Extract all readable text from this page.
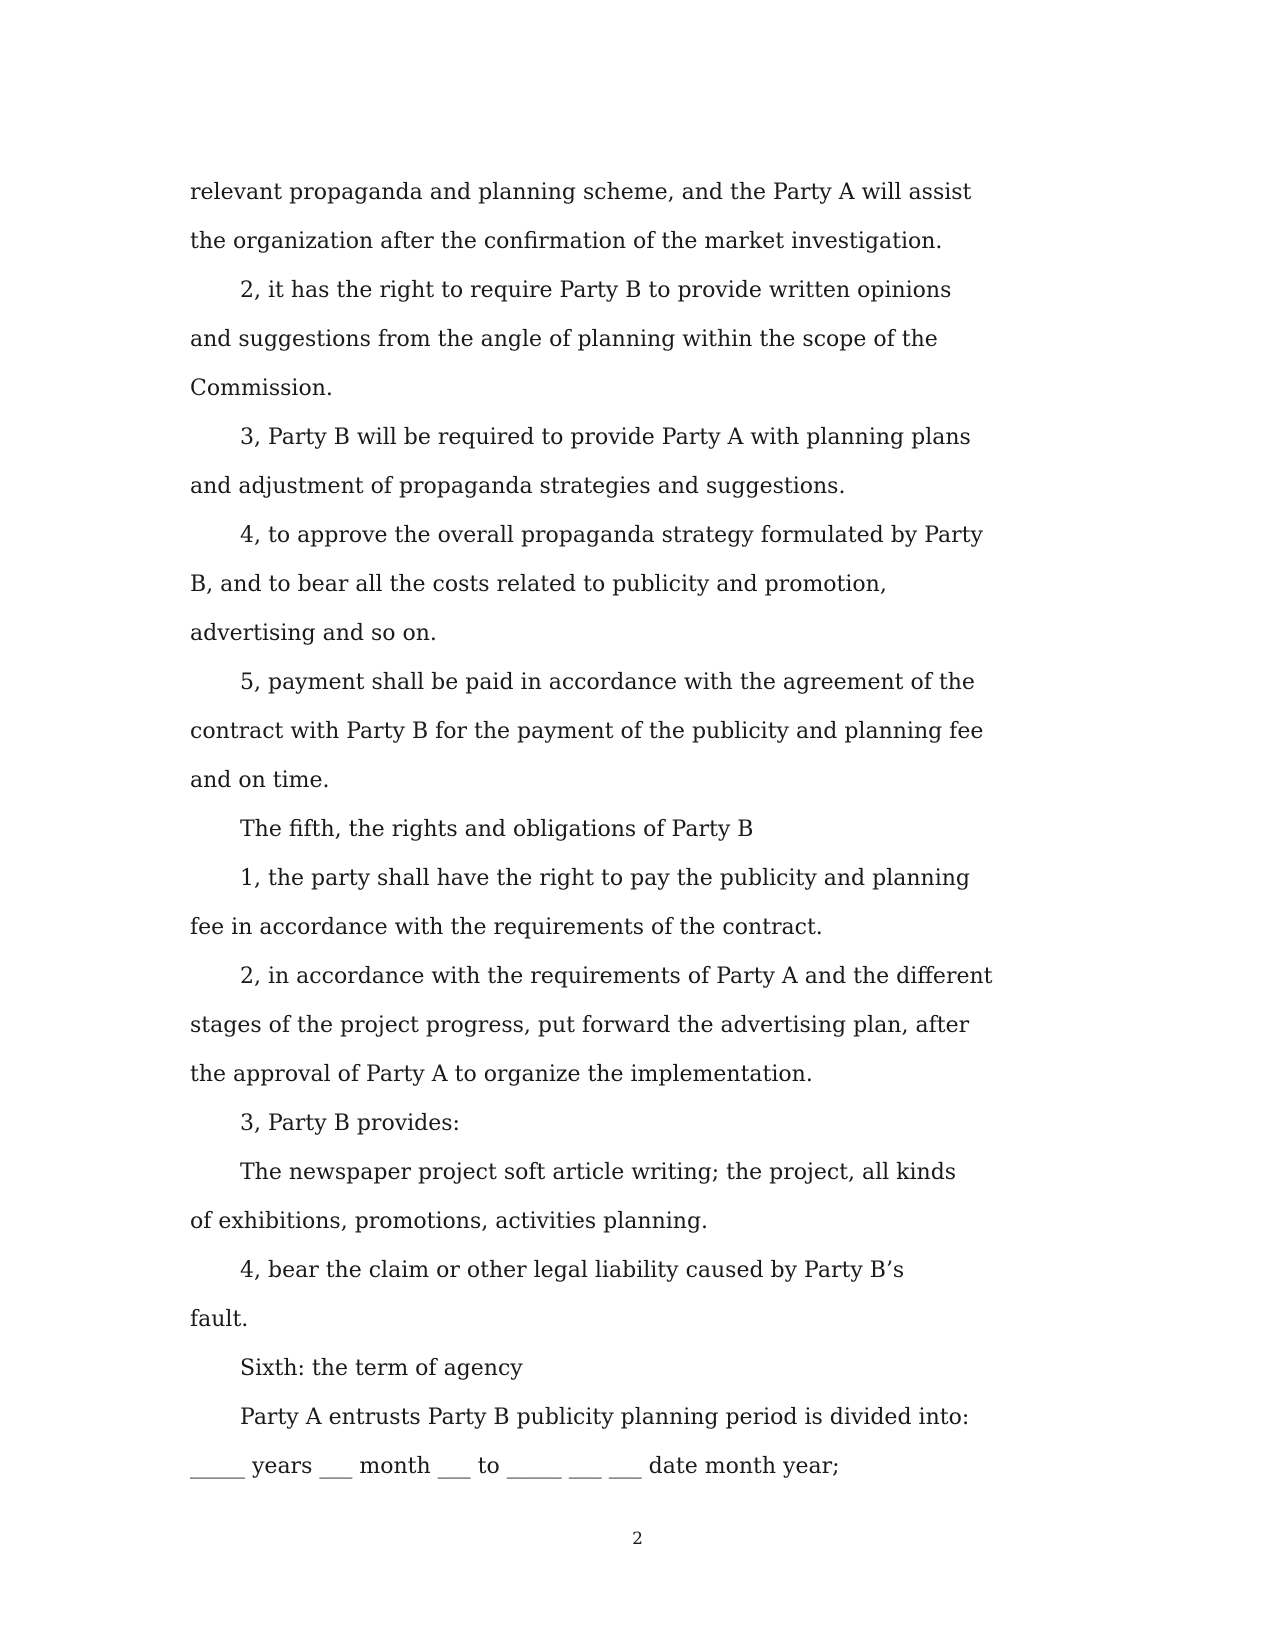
relevant propaganda and planning scheme, and the Party A will assist
the organization after the confirmation of the market investigation.
2, it has the right to require Party B to provide written opinions
and suggestions from the angle of planning within the scope of the
Commission.
3, Party B will be required to provide Party A with planning plans
and adjustment of propaganda strategies and suggestions.
4, to approve the overall propaganda strategy formulated by Party
B, and to bear all the costs related to publicity and promotion,
advertising and so on.
5, payment shall be paid in accordance with the agreement of the
contract with Party B for the payment of the publicity and planning fee
and on time.
The fifth, the rights and obligations of Party B
1, the party shall have the right to pay the publicity and planning
fee in accordance with the requirements of the contract.
2, in accordance with the requirements of Party A and the different
stages of the project progress, put forward the advertising plan, after
the approval of Party A to organize the implementation.
3, Party B provides:
The newspaper project soft article writing; the project, all kinds
of exhibitions, promotions, activities planning.
4, bear the claim or other legal liability caused by Party B’s
fault.
Sixth: the term of agency
Party A entrusts Party B publicity planning period is divided into:
_____ years ___ month ___ to _____ ___ ___ date month year;
2
